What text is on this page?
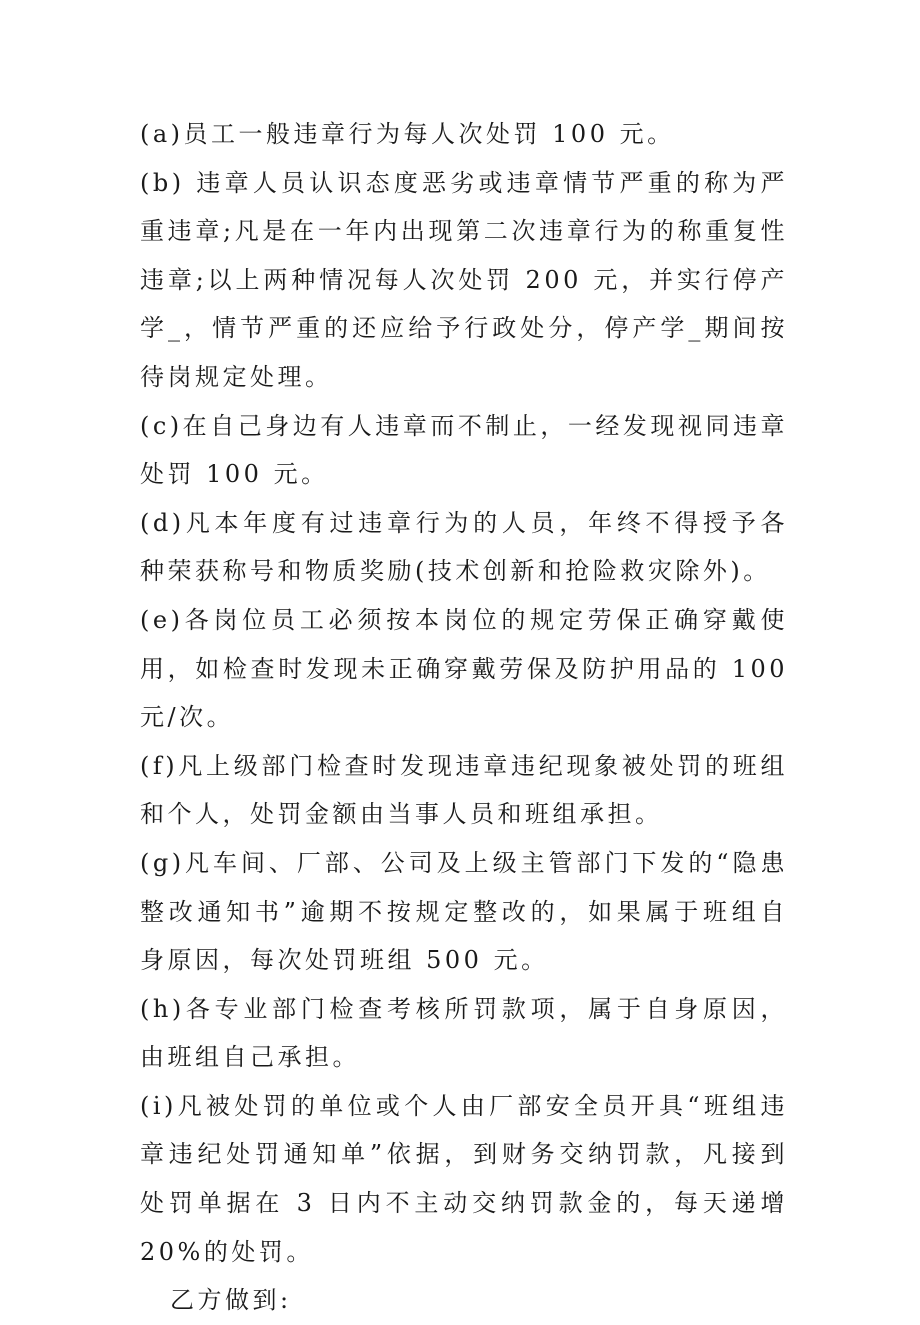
(a)员工一般违章行为每人次处罚 100 元。

(b) 违章人员认识态度恶劣或违章情节严重的称为严重违章;凡是在一年内出现第二次违章行为的称重复性违章;以上两种情况每人次处罚 200 元，并实行停产学_，情节严重的还应给予行政处分，停产学_期间按待岗规定处理。

(c)在自己身边有人违章而不制止，一经发现视同违章处罚 100 元。

(d)凡本年度有过违章行为的人员，年终不得授予各种荣获称号和物质奖励(技术创新和抢险救灾除外)。

(e)各岗位员工必须按本岗位的规定劳保正确穿戴使用，如检查时发现未正确穿戴劳保及防护用品的 100 元/次。

(f)凡上级部门检查时发现违章违纪现象被处罚的班组和个人，处罚金额由当事人员和班组承担。

(g)凡车间、厂部、公司及上级主管部门下发的“隐患整改通知书”逾期不按规定整改的，如果属于班组自身原因，每次处罚班组 500 元。

(h)各专业部门检查考核所罚款项，属于自身原因，由班组自己承担。

(i)凡被处罚的单位或个人由厂部安全员开具“班组违章违纪处罚通知单”依据，到财务交纳罚款，凡接到处罚单据在 3 日内不主动交纳罚款金的，每天递增 20%的处罚。

乙方做到:
